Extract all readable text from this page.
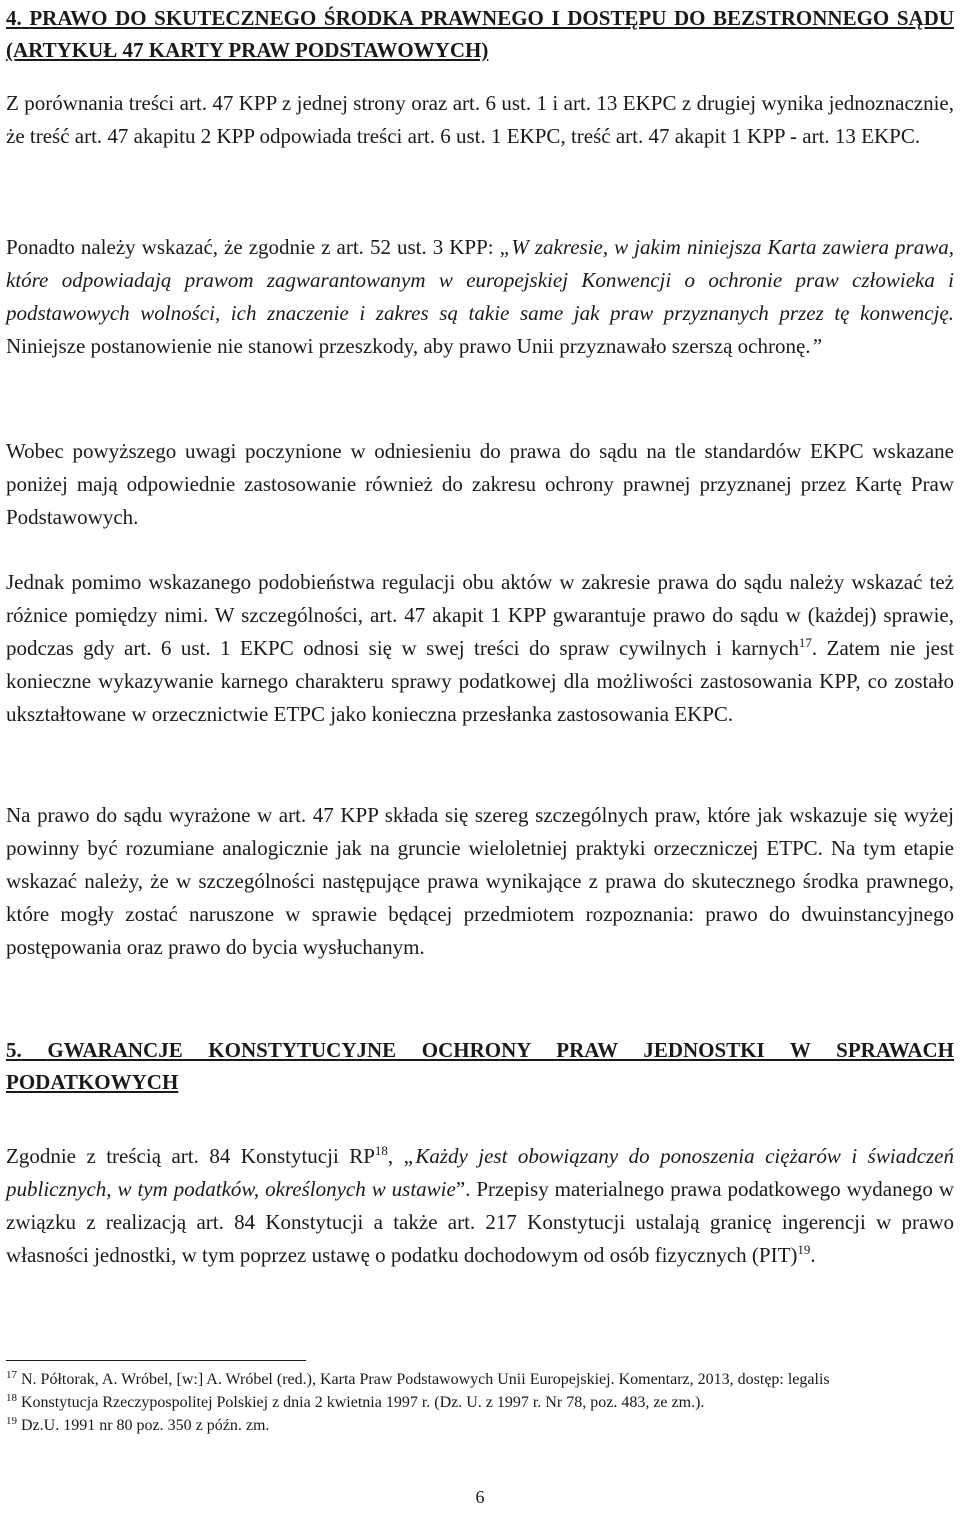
4. PRAWO DO SKUTECZNEGO ŚRODKA PRAWNEGO I DOSTĘPU DO BEZSTRONNEGO SĄDU (ARTYKUŁ 47 KARTY PRAW PODSTAWOWYCH)
Z porównania treści art. 47 KPP z jednej strony oraz art. 6 ust. 1 i art. 13 EKPC z drugiej wynika jednoznacznie, że treść art. 47 akapitu 2 KPP odpowiada treści art. 6 ust. 1 EKPC, treść art. 47 akapit 1 KPP - art. 13 EKPC.
Ponadto należy wskazać, że zgodnie z art. 52 ust. 3 KPP: „W zakresie, w jakim niniejsza Karta zawiera prawa, które odpowiadają prawom zagwarantowanym w europejskiej Konwencji o ochronie praw człowieka i podstawowych wolności, ich znaczenie i zakres są takie same jak praw przyznanych przez tę konwencję. Niniejsze postanowienie nie stanowi przeszkody, aby prawo Unii przyznawało szerszą ochronę.”
Wobec powyższego uwagi poczynione w odniesieniu do prawa do sądu na tle standardów EKPC wskazane poniżej mają odpowiednie zastosowanie również do zakresu ochrony prawnej przyznanej przez Kartę Praw Podstawowych.
Jednak pomimo wskazanego podobieństwa regulacji obu aktów w zakresie prawa do sądu należy wskazać też różnice pomiędzy nimi. W szczególności, art. 47 akapit 1 KPP gwarantuje prawo do sądu w (każdej) sprawie, podczas gdy art. 6 ust. 1 EKPC odnosi się w swej treści do spraw cywilnych i karnych$^{17}$. Zatem nie jest konieczne wykazywanie karnego charakteru sprawy podatkowej dla możliwości zastosowania KPP, co zostało ukształtowane w orzecznictwie ETPC jako konieczna przesłanka zastosowania EKPC.
Na prawo do sądu wyrażone w art. 47 KPP składa się szereg szczególnych praw, które jak wskazuje się wyżej powinny być rozumiane analogicznie jak na gruncie wieloletniej praktyki orzeczniczej ETPC. Na tym etapie wskazać należy, że w szczególności następujące prawa wynikające z prawa do skutecznego środka prawnego, które mogły zostać naruszone w sprawie będącej przedmiotem rozpoznania: prawo do dwuinstancyjnego postępowania oraz prawo do bycia wysłuchanym.
5. GWARANCJE KONSTYTUCYJNE OCHRONY PRAW JEDNOSTKI W SPRAWACH PODATKOWYCH
Zgodnie z treścią art. 84 Konstytucji RP$^{18}$, „Każdy jest obowiązany do ponoszenia ciężarów i świadczeń publicznych, w tym podatków, określonych w ustawie”. Przepisy materialnego prawa podatkowego wydanego w związku z realizacją art. 84 Konstytucji a także art. 217 Konstytucji ustalają granicę ingerencji w prawo własności jednostki, w tym poprzez ustawę o podatku dochodowym od osób fizycznych (PIT)$^{19}$.
$^{17}$ N. Półtorak, A. Wróbel, [w:] A. Wróbel (red.), Karta Praw Podstawowych Unii Europejskiej. Komentarz, 2013, dostęp: legalis
$^{18}$ Konstytucja Rzeczypospolitej Polskiej z dnia 2 kwietnia 1997 r. (Dz. U. z 1997 r. Nr 78, poz. 483, ze zm.).
$^{19}$ Dz.U. 1991 nr 80 poz. 350 z późn. zm.
6
